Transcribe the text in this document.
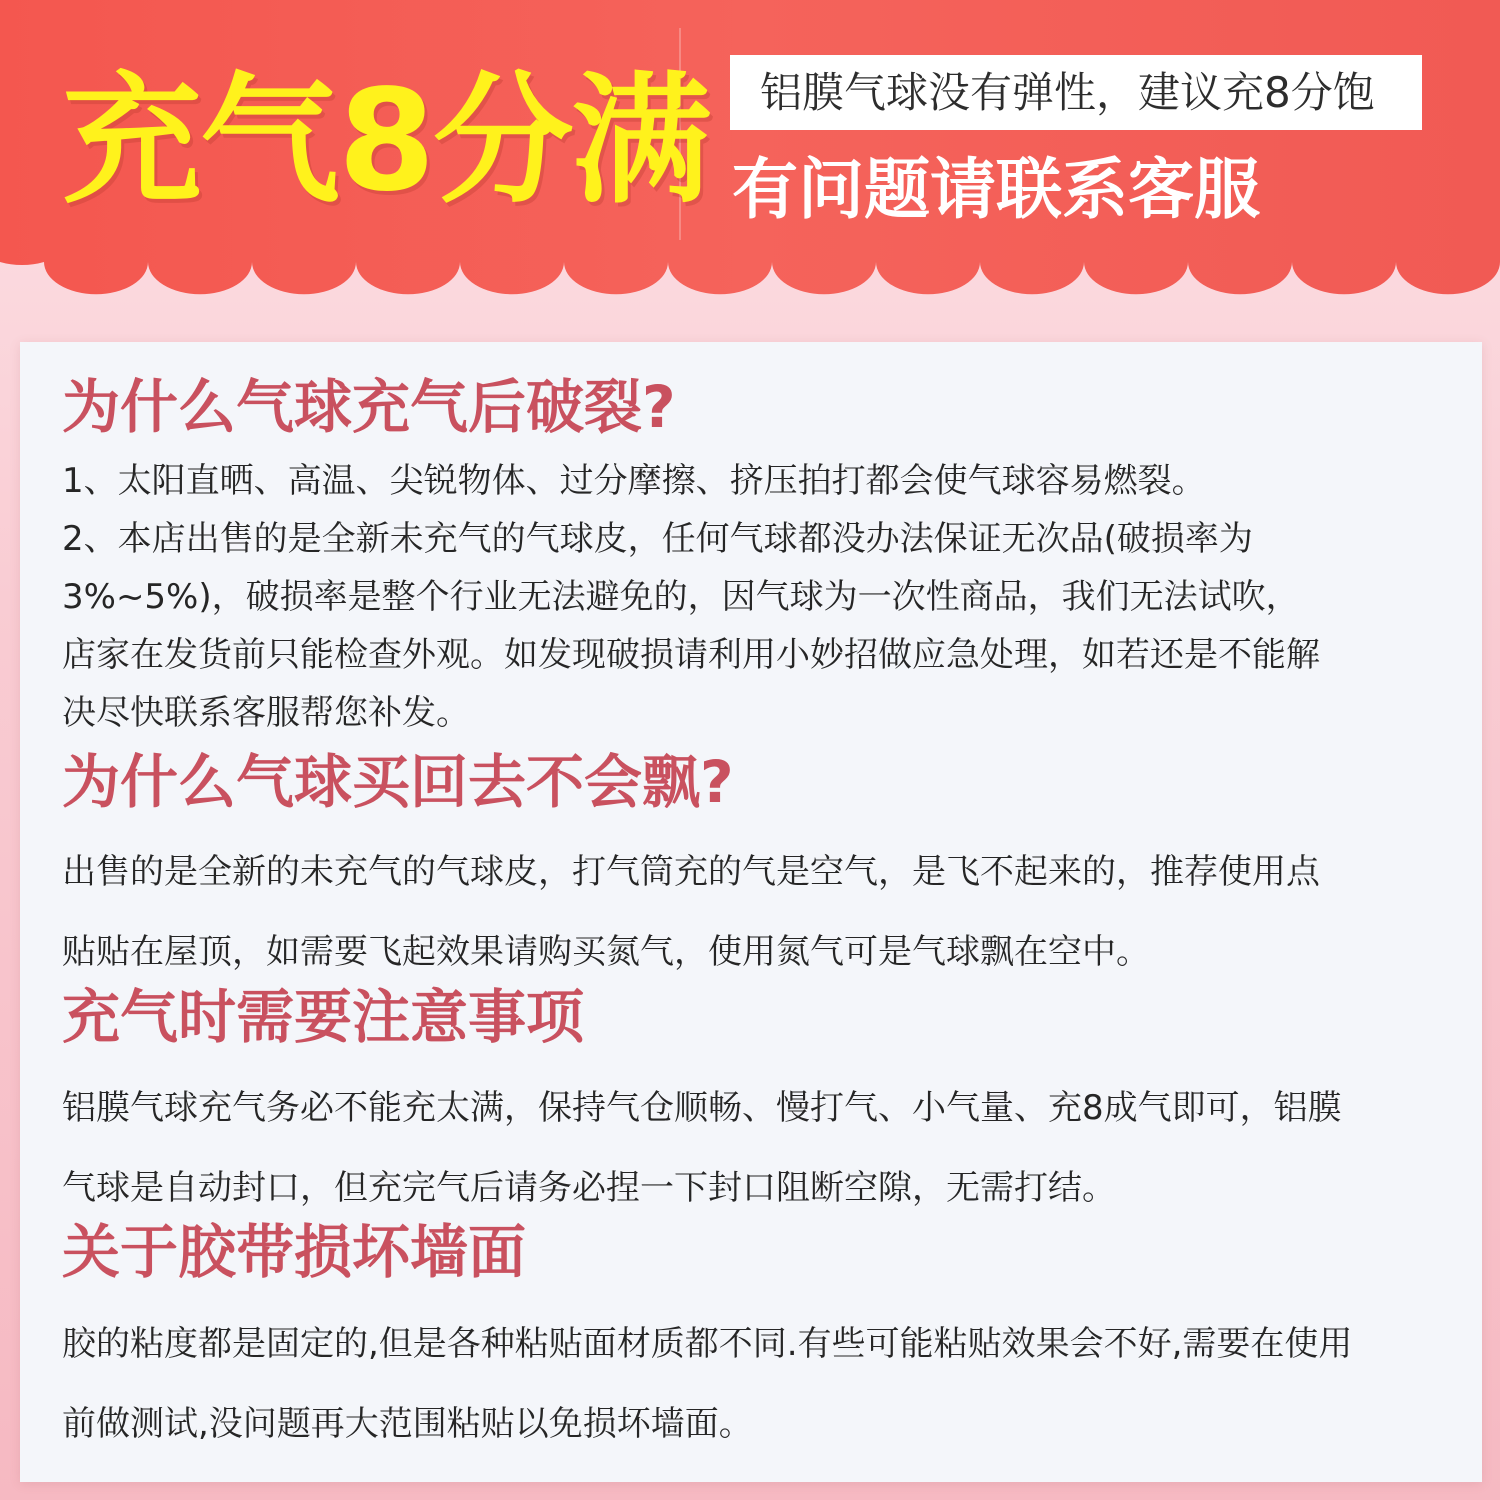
充气8分满 铝膜气球没有弹性，建议充8分饱
有问题请联系客服
为什么气球充气后破裂?
1、太阳直晒、高温、尖锐物体、过分摩擦、挤压拍打都会使气球容易燃裂。
2、本店出售的是全新未充气的气球皮，任何气球都没办法保证无次品(破损率为
3%~5%)，破损率是整个行业无法避免的，因气球为一次性商品，我们无法试吹，
店家在发货前只能检查外观。如发现破损请利用小妙招做应急处理，如若还是不能解
决尽快联系客服帮您补发。
为什么气球买回去不会飘?
出售的是全新的未充气的气球皮，打气筒充的气是空气，是飞不起来的，推荐使用点
贴贴在屋顶，如需要飞起效果请购买氮气，使用氮气可是气球飘在空中。
充气时需要注意事项
铝膜气球充气务必不能充太满，保持气仓顺畅、慢打气、小气量、充8成气即可，铝膜
气球是自动封口，但充完气后请务必捏一下封口阻断空隙，无需打结。
关于胶带损坏墙面
胶的粘度都是固定的,但是各种粘贴面材质都不同.有些可能粘贴效果会不好,需要在使用
前做测试,没问题再大范围粘贴以免损坏墙面。
